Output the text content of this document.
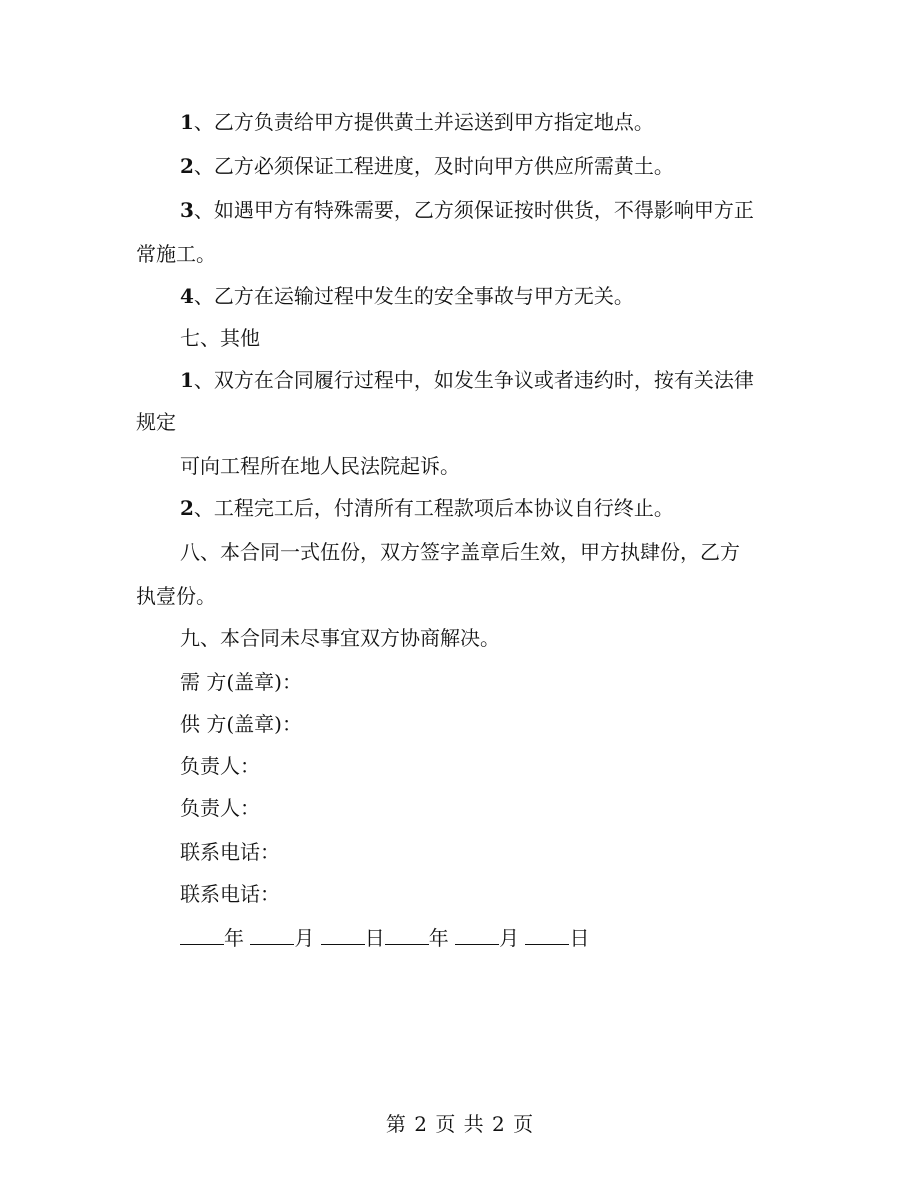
1、乙方负责给甲方提供黄土并运送到甲方指定地点。
2、乙方必须保证工程进度，及时向甲方供应所需黄土。
3、如遇甲方有特殊需要，乙方须保证按时供货，不得影响甲方正
常施工。
4、乙方在运输过程中发生的安全事故与甲方无关。
七、其他
1、双方在合同履行过程中，如发生争议或者违约时，按有关法律
规定
可向工程所在地人民法院起诉。
2、工程完工后，付清所有工程款项后本协议自行终止。
八、本合同一式伍份，双方签字盖章后生效，甲方执肆份，乙方
执壹份。
九、本合同未尽事宜双方协商解决。
需 方(盖章)：
供 方(盖章)：
负责人：
负责人：
联系电话：
联系电话：
年	月	日 年	月	日
第 2 页 共 2 页
